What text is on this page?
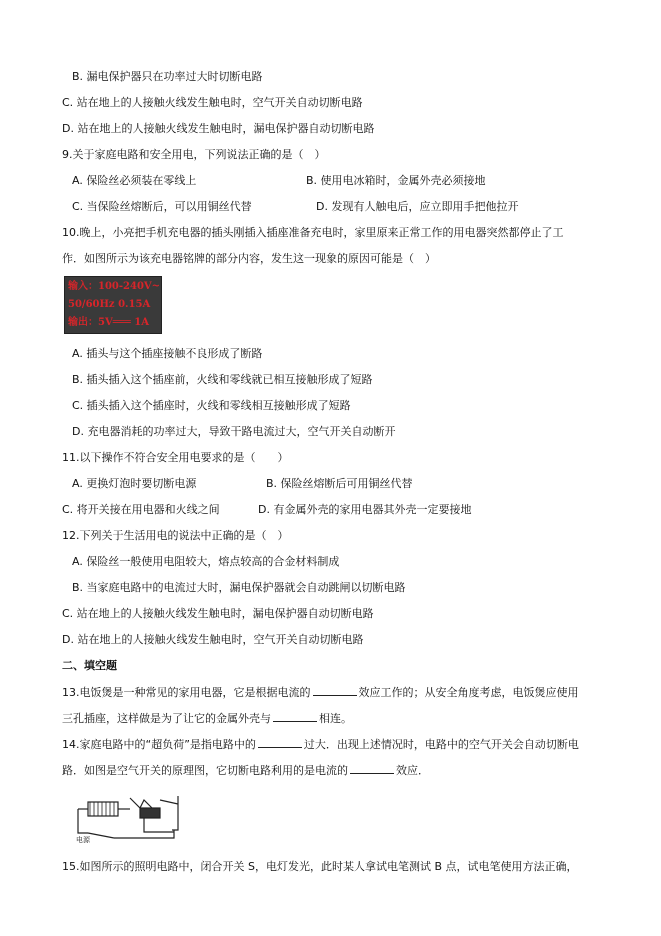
B. 漏电保护器只在功率过大时切断电路
C. 站在地上的人接触火线发生触电时，空气开关自动切断电路
D. 站在地上的人接触火线发生触电时，漏电保护器自动切断电路
9.关于家庭电路和安全用电，下列说法正确的是（　）
A. 保险丝必须装在零线上	B. 使用电冰箱时，金属外壳必须接地
C. 当保险丝熔断后，可以用铜丝代替	D. 发现有人触电后，应立即用手把他拉开
10.晚上，小亮把手机充电器的插头刚插入插座准备充电时，家里原来正常工作的用电器突然都停止了工
作．如图所示为该充电器铭牌的部分内容，发生这一现象的原因可能是（　）
输入：100-240V~
50/60Hz 0.15A
输出：5V═══ 1A
A. 插头与这个插座接触不良形成了断路
B. 插头插入这个插座前，火线和零线就已相互接触形成了短路
C. 插头插入这个插座时，火线和零线相互接触形成了短路
D. 充电器消耗的功率过大，导致干路电流过大，空气开关自动断开
11.以下操作不符合安全用电要求的是（　　）
A. 更换灯泡时要切断电源	B. 保险丝熔断后可用铜丝代替
C. 将开关接在用电器和火线之间	D. 有金属外壳的家用电器其外壳一定要接地
12.下列关于生活用电的说法中正确的是（　）
A. 保险丝一般使用电阻较大，熔点较高的合金材料制成
B. 当家庭电路中的电流过大时，漏电保护器就会自动跳闸以切断电路
C. 站在地上的人接触火线发生触电时，漏电保护器自动切断电路
D. 站在地上的人接触火线发生触电时，空气开关自动切断电路
二、填空题
13.电饭煲是一种常见的家用电器，它是根据电流的	效应工作的；从安全角度考虑，电饭煲应使用
三孔插座，这样做是为了让它的金属外壳与	相连。
14.家庭电路中的“超负荷”是指电路中的	过大．出现上述情况时，电路中的空气开关会自动切断电
路．如图是空气开关的原理图，它切断电路利用的是电流的	效应．
电源
15.如图所示的照明电路中，闭合开关 S，电灯发光，此时某人拿试电笔测试 B 点，试电笔使用方法正确，
